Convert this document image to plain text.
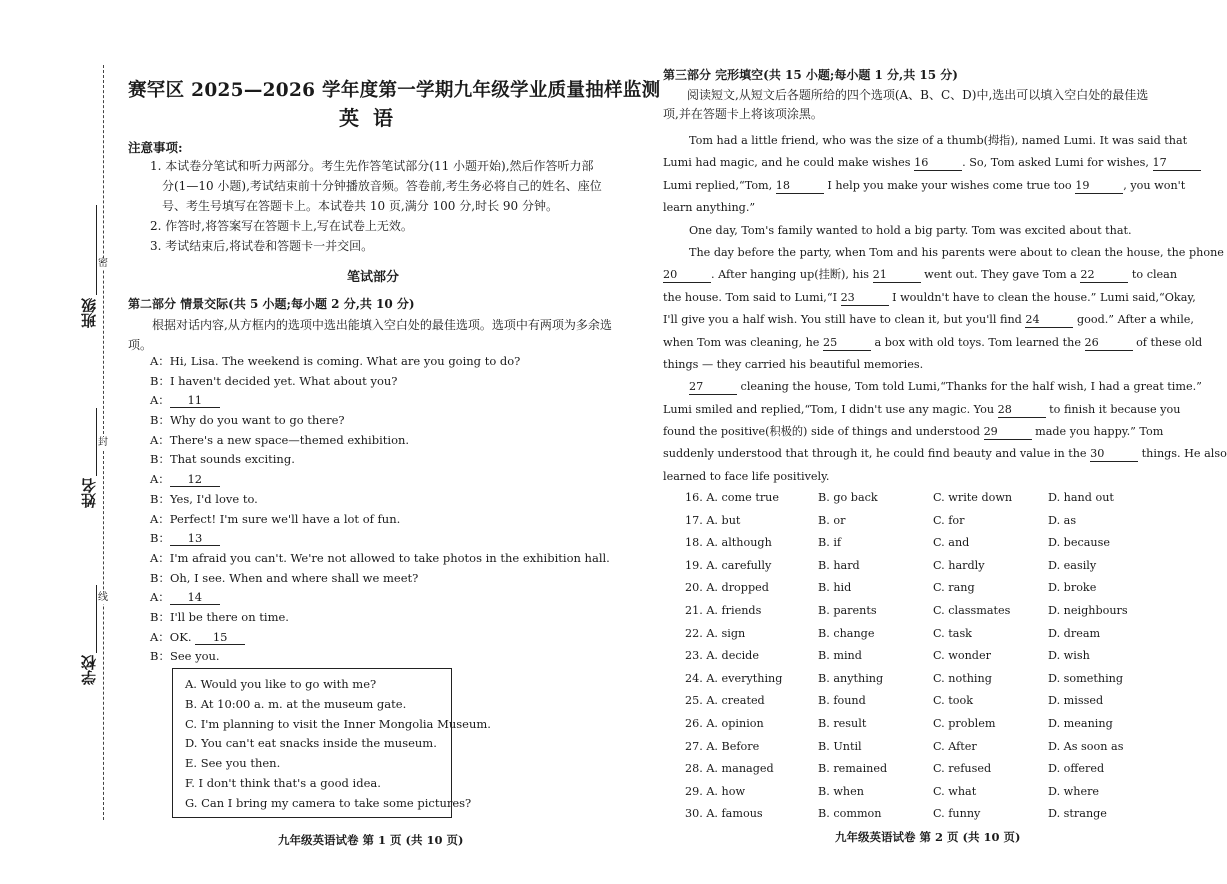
密
封
线
班级
姓名
学校
赛罕区 2025—2026 学年度第一学期九年级学业质量抽样监测
英语
注意事项:

1. 本试卷分笔试和听力两部分。考生先作答笔试部分(11 小题开始),然后作答听力部

分(1—10 小题),考试结束前十分钟播放音频。答卷前,考生务必将自己的姓名、座位

号、考生号填写在答题卡上。本试卷共 10 页,满分 100 分,时长 90 分钟。

2. 作答时,将答案写在答题卡上,写在试卷上无效。

3. 考试结束后,将试卷和答题卡一并交回。

笔试部分
第二部分 情景交际(共 5 小题;每小题 2 分,共 10 分)
根据对话内容,从方框内的选项中选出能填入空白处的最佳选项。选项中有两项为多余选项。
A：Hi, Lisa. The weekend is coming. What are you going to do?
B：I haven't decided yet. What about you?
A： 11
B：Why do you want to go there?
A：There's a new space—themed exhibition.
B：That sounds exciting.
A： 12
B：Yes, I'd love to.
A：Perfect! I'm sure we'll have a lot of fun.
B： 13
A：I'm afraid you can't. We're not allowed to take photos in the exhibition hall.
B：Oh, I see. When and where shall we meet?
A： 14
B：I'll be there on time.
A：OK. 15
B：See you.
A. Would you like to go with me?
B. At 10:00 a. m. at the museum gate.
C. I'm planning to visit the Inner Mongolia Museum.
D. You can't eat snacks inside the museum.
E. See you then.
F. I don't think that's a good idea.
G. Can I bring my camera to take some pictures?
九年级英语试卷 第 1 页 (共 10 页)
第三部分 完形填空(共 15 小题;每小题 1 分,共 15 分)
阅读短文,从短文后各题所给的四个选项(A、B、C、D)中,选出可以填入空白处的最佳选项,并在答题卡上将该项涂黑。
Tom had a little friend, who was the size of a thumb(拇指), named Lumi. It was said that
Lumi had magic, and he could make wishes 16	. So, Tom asked Lumi for wishes, 17
Lumi replied,“Tom, 18	I help you make your wishes come true too 19	, you won't
learn anything.”
One day, Tom's family wanted to hold a big party. Tom was excited about that.
The day before the party, when Tom and his parents were about to clean the house, the phone
20	. After hanging up(挂断), his 21	went out. They gave Tom a 22	to clean
the house. Tom said to Lumi,“I 23	I wouldn't have to clean the house.” Lumi said,“Okay,
I'll give you a half wish. You still have to clean it, but you'll find 24	good.” After a while,
when Tom was cleaning, he 25	a box with old toys. Tom learned the 26	of these old
things — they carried his beautiful memories.
27	cleaning the house, Tom told Lumi,“Thanks for the half wish, I had a great time.”
Lumi smiled and replied,“Tom, I didn't use any magic. You 28	to finish it because you
found the positive(积极的) side of things and understood 29	made you happy.” Tom
suddenly understood that through it, he could find beauty and value in the 30	things. He also
learned to face life positively.
16. A. come true	B. go back	C. write down	D. hand out
17. A. but	B. or	C. for	D. as
18. A. although	B. if	C. and	D. because
19. A. carefully	B. hard	C. hardly	D. easily
20. A. dropped	B. hid	C. rang	D. broke
21. A. friends	B. parents	C. classmates	D. neighbours
22. A. sign	B. change	C. task	D. dream
23. A. decide	B. mind	C. wonder	D. wish
24. A. everything	B. anything	C. nothing	D. something
25. A. created	B. found	C. took	D. missed
26. A. opinion	B. result	C. problem	D. meaning
27. A. Before	B. Until	C. After	D. As soon as
28. A. managed	B. remained	C. refused	D. offered
29. A. how	B. when	C. what	D. where
30. A. famous	B. common	C. funny	D. strange
九年级英语试卷 第 2 页 (共 10 页)
